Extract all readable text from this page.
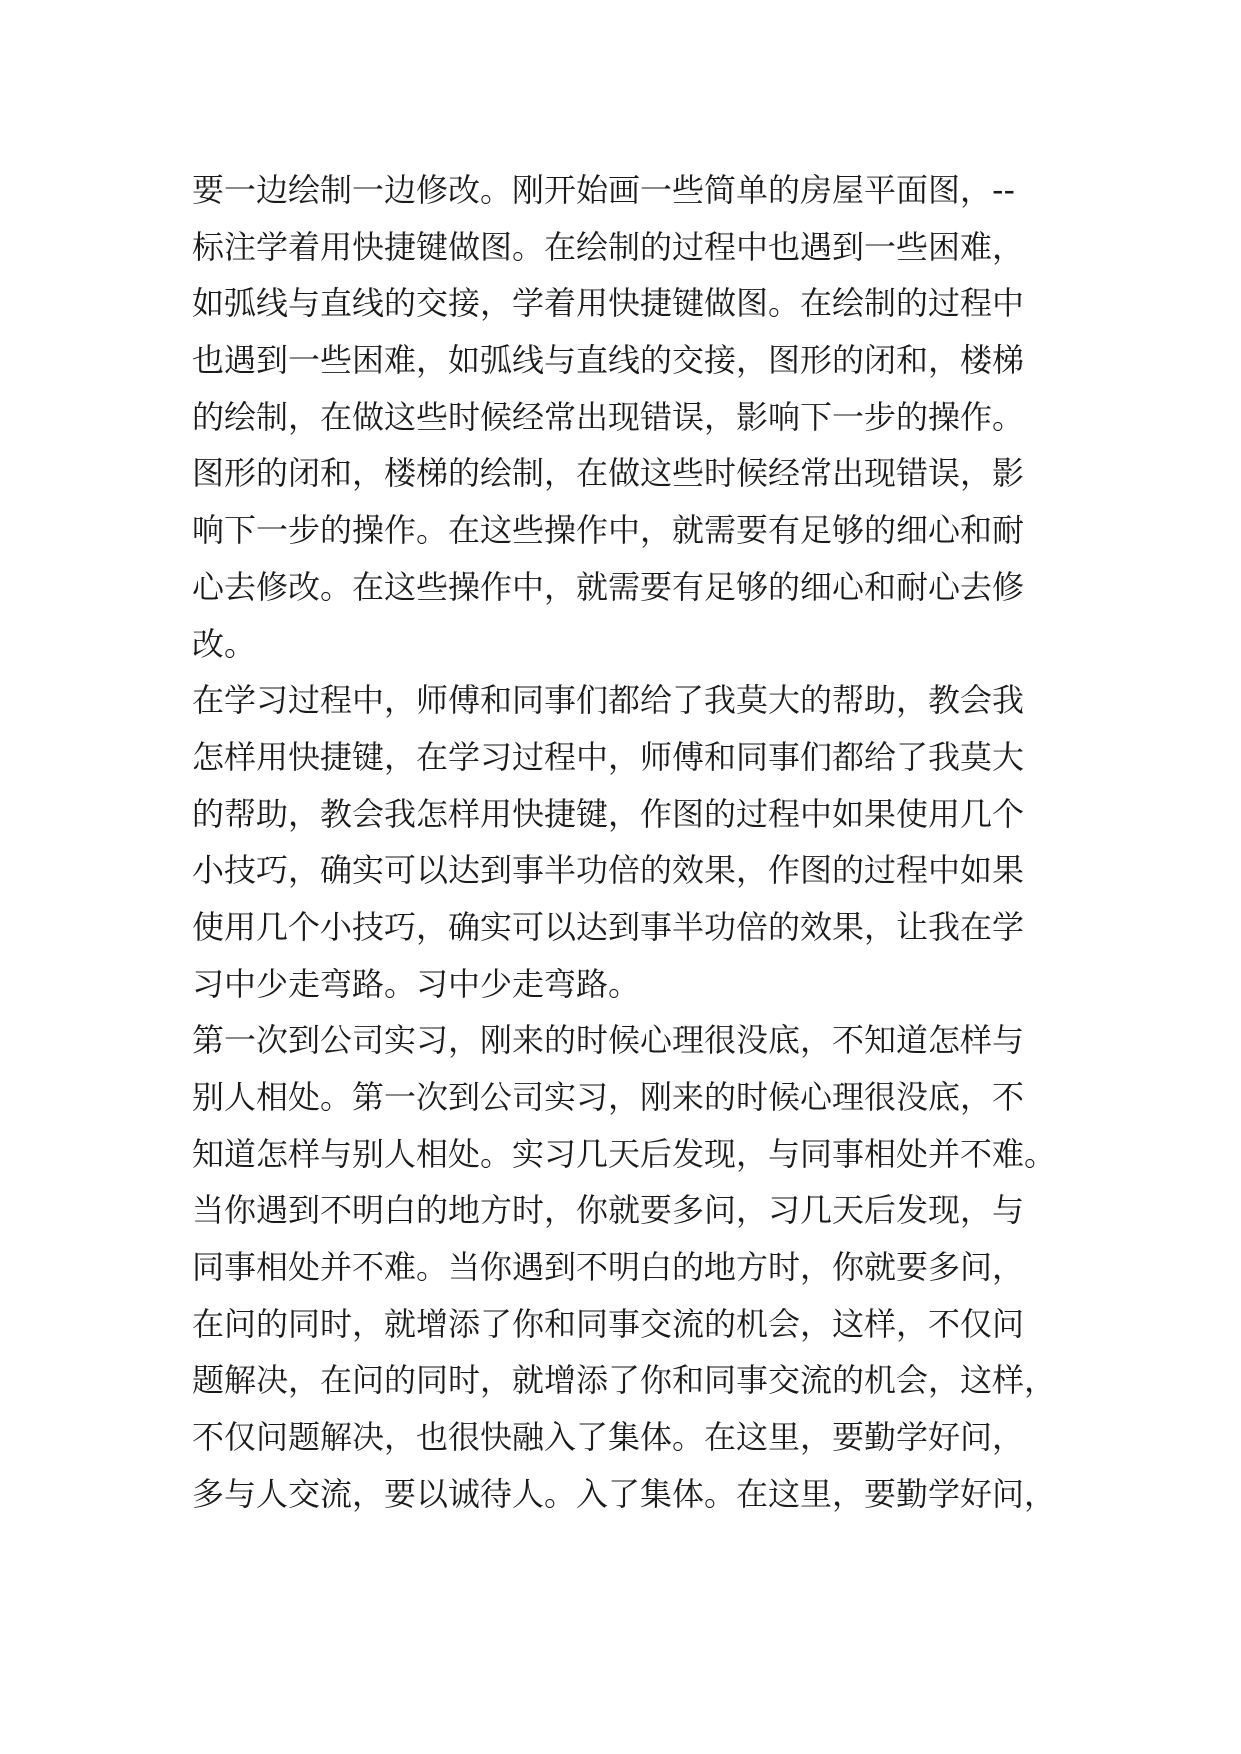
要一边绘制一边修改。刚开始画一些简单的房屋平面图，--
标注学着用快捷键做图。在绘制的过程中也遇到一些困难，
如弧线与直线的交接，学着用快捷键做图。在绘制的过程中
也遇到一些困难，如弧线与直线的交接，图形的闭和，楼梯
的绘制，在做这些时候经常出现错误，影响下一步的操作。
图形的闭和，楼梯的绘制，在做这些时候经常出现错误，影
响下一步的操作。在这些操作中，就需要有足够的细心和耐
心去修改。在这些操作中，就需要有足够的细心和耐心去修
改。
在学习过程中，师傅和同事们都给了我莫大的帮助，教会我
怎样用快捷键，在学习过程中，师傅和同事们都给了我莫大
的帮助，教会我怎样用快捷键，作图的过程中如果使用几个
小技巧，确实可以达到事半功倍的效果，作图的过程中如果
使用几个小技巧，确实可以达到事半功倍的效果，让我在学
习中少走弯路。习中少走弯路。
第一次到公司实习，刚来的时候心理很没底，不知道怎样与
别人相处。第一次到公司实习，刚来的时候心理很没底，不
知道怎样与别人相处。实习几天后发现，与同事相处并不难。
当你遇到不明白的地方时，你就要多问，习几天后发现，与
同事相处并不难。当你遇到不明白的地方时，你就要多问，
在问的同时，就增添了你和同事交流的机会，这样，不仅问
题解决，在问的同时，就增添了你和同事交流的机会，这样，
不仅问题解决，也很快融入了集体。在这里，要勤学好问，
多与人交流，要以诚待人。入了集体。在这里，要勤学好问，
